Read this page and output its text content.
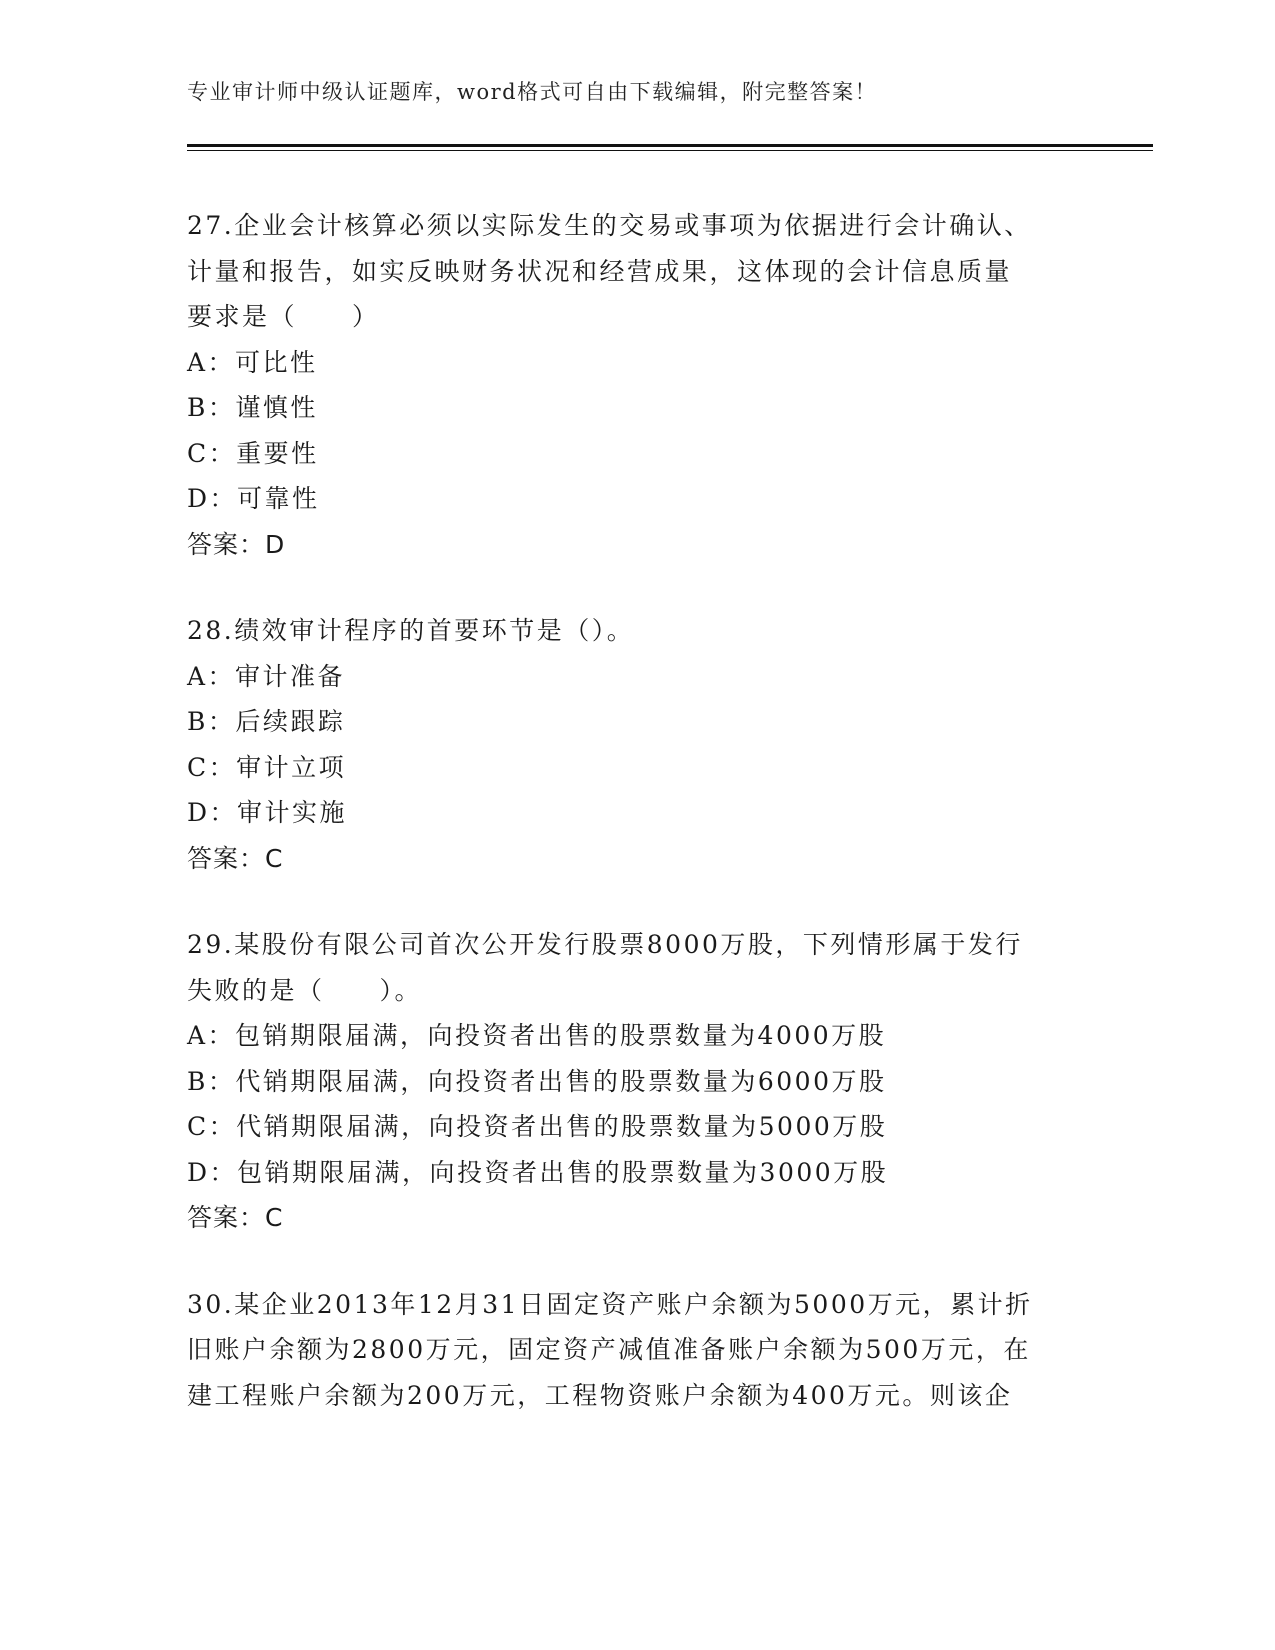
专业审计师中级认证题库，word格式可自由下载编辑，附完整答案！
27.企业会计核算必须以实际发生的交易或事项为依据进行会计确认、
计量和报告，如实反映财务状况和经营成果，这体现的会计信息质量
要求是（　　）
A：可比性
B：谨慎性
C：重要性
D：可靠性
答案：D
28.绩效审计程序的首要环节是（）。
A：审计准备
B：后续跟踪
C：审计立项
D：审计实施
答案：C
29.某股份有限公司首次公开发行股票8000万股，下列情形属于发行
失败的是（　　）。
A：包销期限届满，向投资者出售的股票数量为4000万股
B：代销期限届满，向投资者出售的股票数量为6000万股
C：代销期限届满，向投资者出售的股票数量为5000万股
D：包销期限届满，向投资者出售的股票数量为3000万股
答案：C
30.某企业2013年12月31日固定资产账户余额为5000万元，累计折
旧账户余额为2800万元，固定资产减值准备账户余额为500万元，在
建工程账户余额为200万元，工程物资账户余额为400万元。则该企
